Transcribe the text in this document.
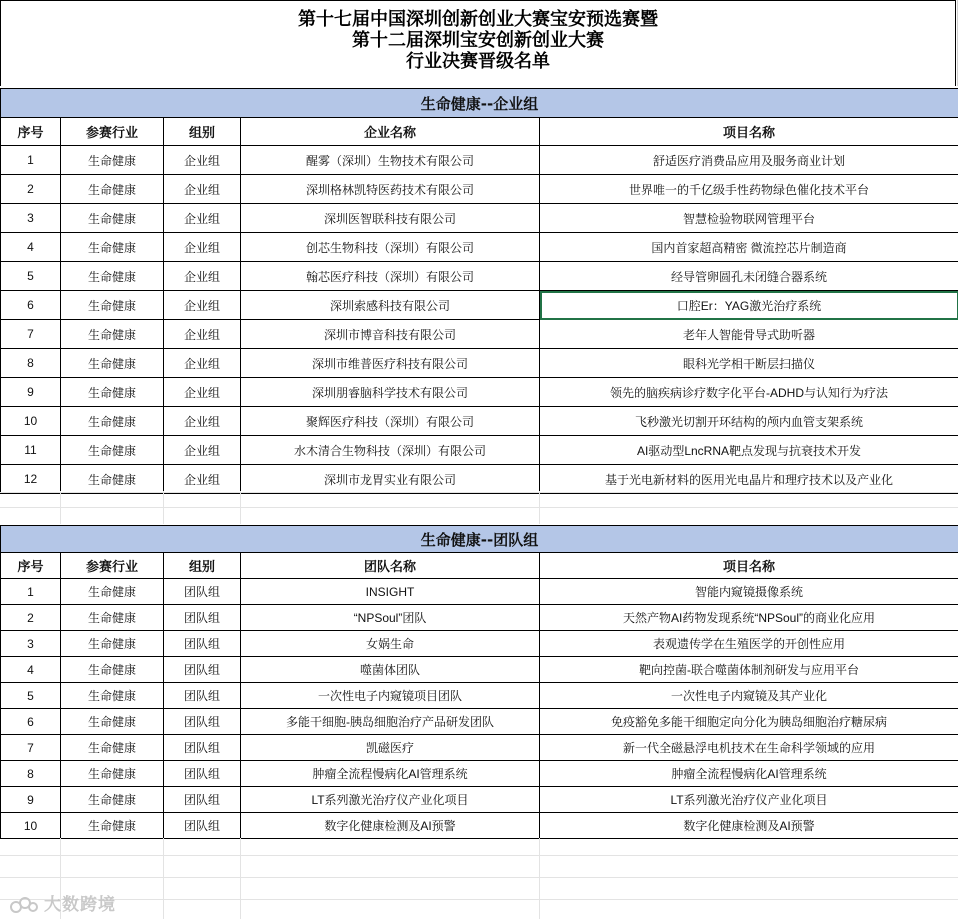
第十七届中国深圳创新创业大赛宝安预选赛暨
第十二届深圳宝安创新创业大赛
行业决赛晋级名单
生命健康--企业组				
序号	参赛行业	组别	企业名称	项目名称
1	生命健康	企业组	醒雾（深圳）生物技术有限公司	舒适医疗消费品应用及服务商业计划
2	生命健康	企业组	深圳格林凯特医药技术有限公司	世界唯一的千亿级手性药物绿色催化技术平台
3	生命健康	企业组	深圳医智联科技有限公司	智慧检验物联网管理平台
4	生命健康	企业组	创芯生物科技（深圳）有限公司	国内首家超高精密 微流控芯片制造商
5	生命健康	企业组	翰芯医疗科技（深圳）有限公司	经导管卵圆孔未闭缝合器系统
6	生命健康	企业组	深圳索感科技有限公司	口腔Er：YAG激光治疗系统
7	生命健康	企业组	深圳市博音科技有限公司	老年人智能骨导式助听器
8	生命健康	企业组	深圳市维普医疗科技有限公司	眼科光学相干断层扫描仪
9	生命健康	企业组	深圳朋睿脑科学技术有限公司	领先的脑疾病诊疗数字化平台-ADHD与认知行为疗法
10	生命健康	企业组	聚辉医疗科技（深圳）有限公司	飞秒激光切割开环结构的颅内血管支架系统
11	生命健康	企业组	水木清合生物科技（深圳）有限公司	AI驱动型LncRNA靶点发现与抗衰技术开发
12	生命健康	企业组	深圳市龙胃实业有限公司	基于光电新材料的医用光电晶片和理疗技术以及产业化
生命健康--团队组				
序号	参赛行业	组别	团队名称	项目名称
1	生命健康	团队组	INSIGHT	智能内窥镜摄像系统
2	生命健康	团队组	“NPSoul”团队	天然产物AI药物发现系统“NPSoul”的商业化应用
3	生命健康	团队组	女娲生命	表观遗传学在生殖医学的开创性应用
4	生命健康	团队组	噬菌体团队	靶向控菌-联合噬菌体制剂研发与应用平台
5	生命健康	团队组	一次性电子内窥镜项目团队	一次性电子内窥镜及其产业化
6	生命健康	团队组	多能干细胞-胰岛细胞治疗产品研发团队	免疫豁免多能干细胞定向分化为胰岛细胞治疗糖尿病
7	生命健康	团队组	凯磁医疗	新一代全磁悬浮电机技术在生命科学领域的应用
8	生命健康	团队组	肿瘤全流程慢病化AI管理系统	肿瘤全流程慢病化AI管理系统
9	生命健康	团队组	LT系列激光治疗仪产业化项目	LT系列激光治疗仪产业化项目
10	生命健康	团队组	数字化健康检测及AI预警	数字化健康检测及AI预警
大数跨境
